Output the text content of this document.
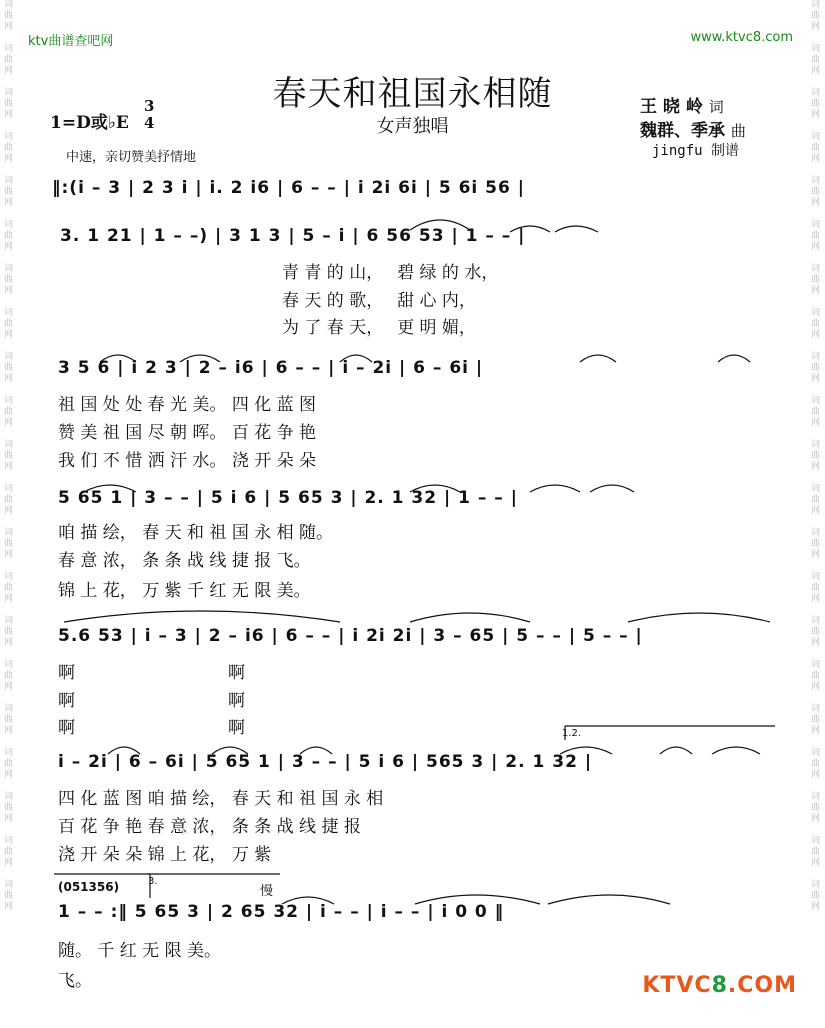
词
曲
网

词
曲
网

词
曲
网

词
曲
网

词
曲
网

词
曲
网

词
曲
网

词
曲
网

词
曲
网

词
曲
网

词
曲
网

词
曲
网

词
曲
网

词
曲
网

词
曲
网

词
曲
网

词
曲
网

词
曲
网

词
曲
网

词
曲
网

词
曲
网
词
曲
网

词
曲
网

词
曲
网

词
曲
网

词
曲
网

词
曲
网

词
曲
网

词
曲
网

词
曲
网

词
曲
网

词
曲
网

词
曲
网

词
曲
网

词
曲
网

词
曲
网

词
曲
网

词
曲
网

词
曲
网

词
曲
网

词
曲
网

词
曲
网
ktv曲谱查吧网	www.ktvc8.com
春天和祖国永相随
女声独唱
1=D或♭E
3
4
王 晓 岭 词
魏群、季承 曲
jingfu 制谱
中速，亲切赞美抒情地
‖:(i – 3 | 2 3 i | i. 2 i6 | 6 – – | i 2i 6i | 5 6i 56 |
3. 1 21 | 1 – –) | 3 1 3 | 5 – i | 6 56 53 | 1 – – |
青 青 的 山，　 碧 绿 的 水，
春 天 的 歌，　 甜 心 内，
为 了 春 天，　 更 明 媚，
3 5 6 | i 2 3 | 2 – i6 | 6 – – | i – 2i | 6 – 6i |
祖 国 处 处 春 光 美。 四 化 蓝 图
赞 美 祖 国 尽 朝 晖。 百 花 争 艳
我 们 不 惜 洒 汗 水。 浇 开 朵 朵
5 65 1 | 3 – – | 5 i 6 | 5 65 3 | 2. 1 32 | 1 – – |
咱 描 绘， 春 天 和 祖 国 永 相 随。
春 意 浓， 条 条 战 线 捷 报 飞。
锦 上 花， 万 紫 千 红 无 限 美。
5.6 53 | i – 3 | 2 – i6 | 6 – – | i 2i 2i | 3 – 65 | 5 – – | 5 – – |
啊　　　　　　　　　啊
啊　　　　　　　　　啊
啊　　　　　　　　　啊	1.2.
i – 2i | 6 – 6i | 5 65 1 | 3 – – | 5 i 6 | 565 3 | 2. 1 32 |
四 化 蓝 图 咱 描 绘， 春 天 和 祖 国 永 相
百 花 争 艳 春 意 浓， 条 条 战 线 捷 报
浇 开 朵 朵 锦 上 花， 万 紫
(051356)	3.
慢
1 – – :‖ 5 65 3 | 2 65 32 | i – – | i – – | i 0 0 ‖
随。 千 红 无 限 美。
飞。	KTVC8.COM
